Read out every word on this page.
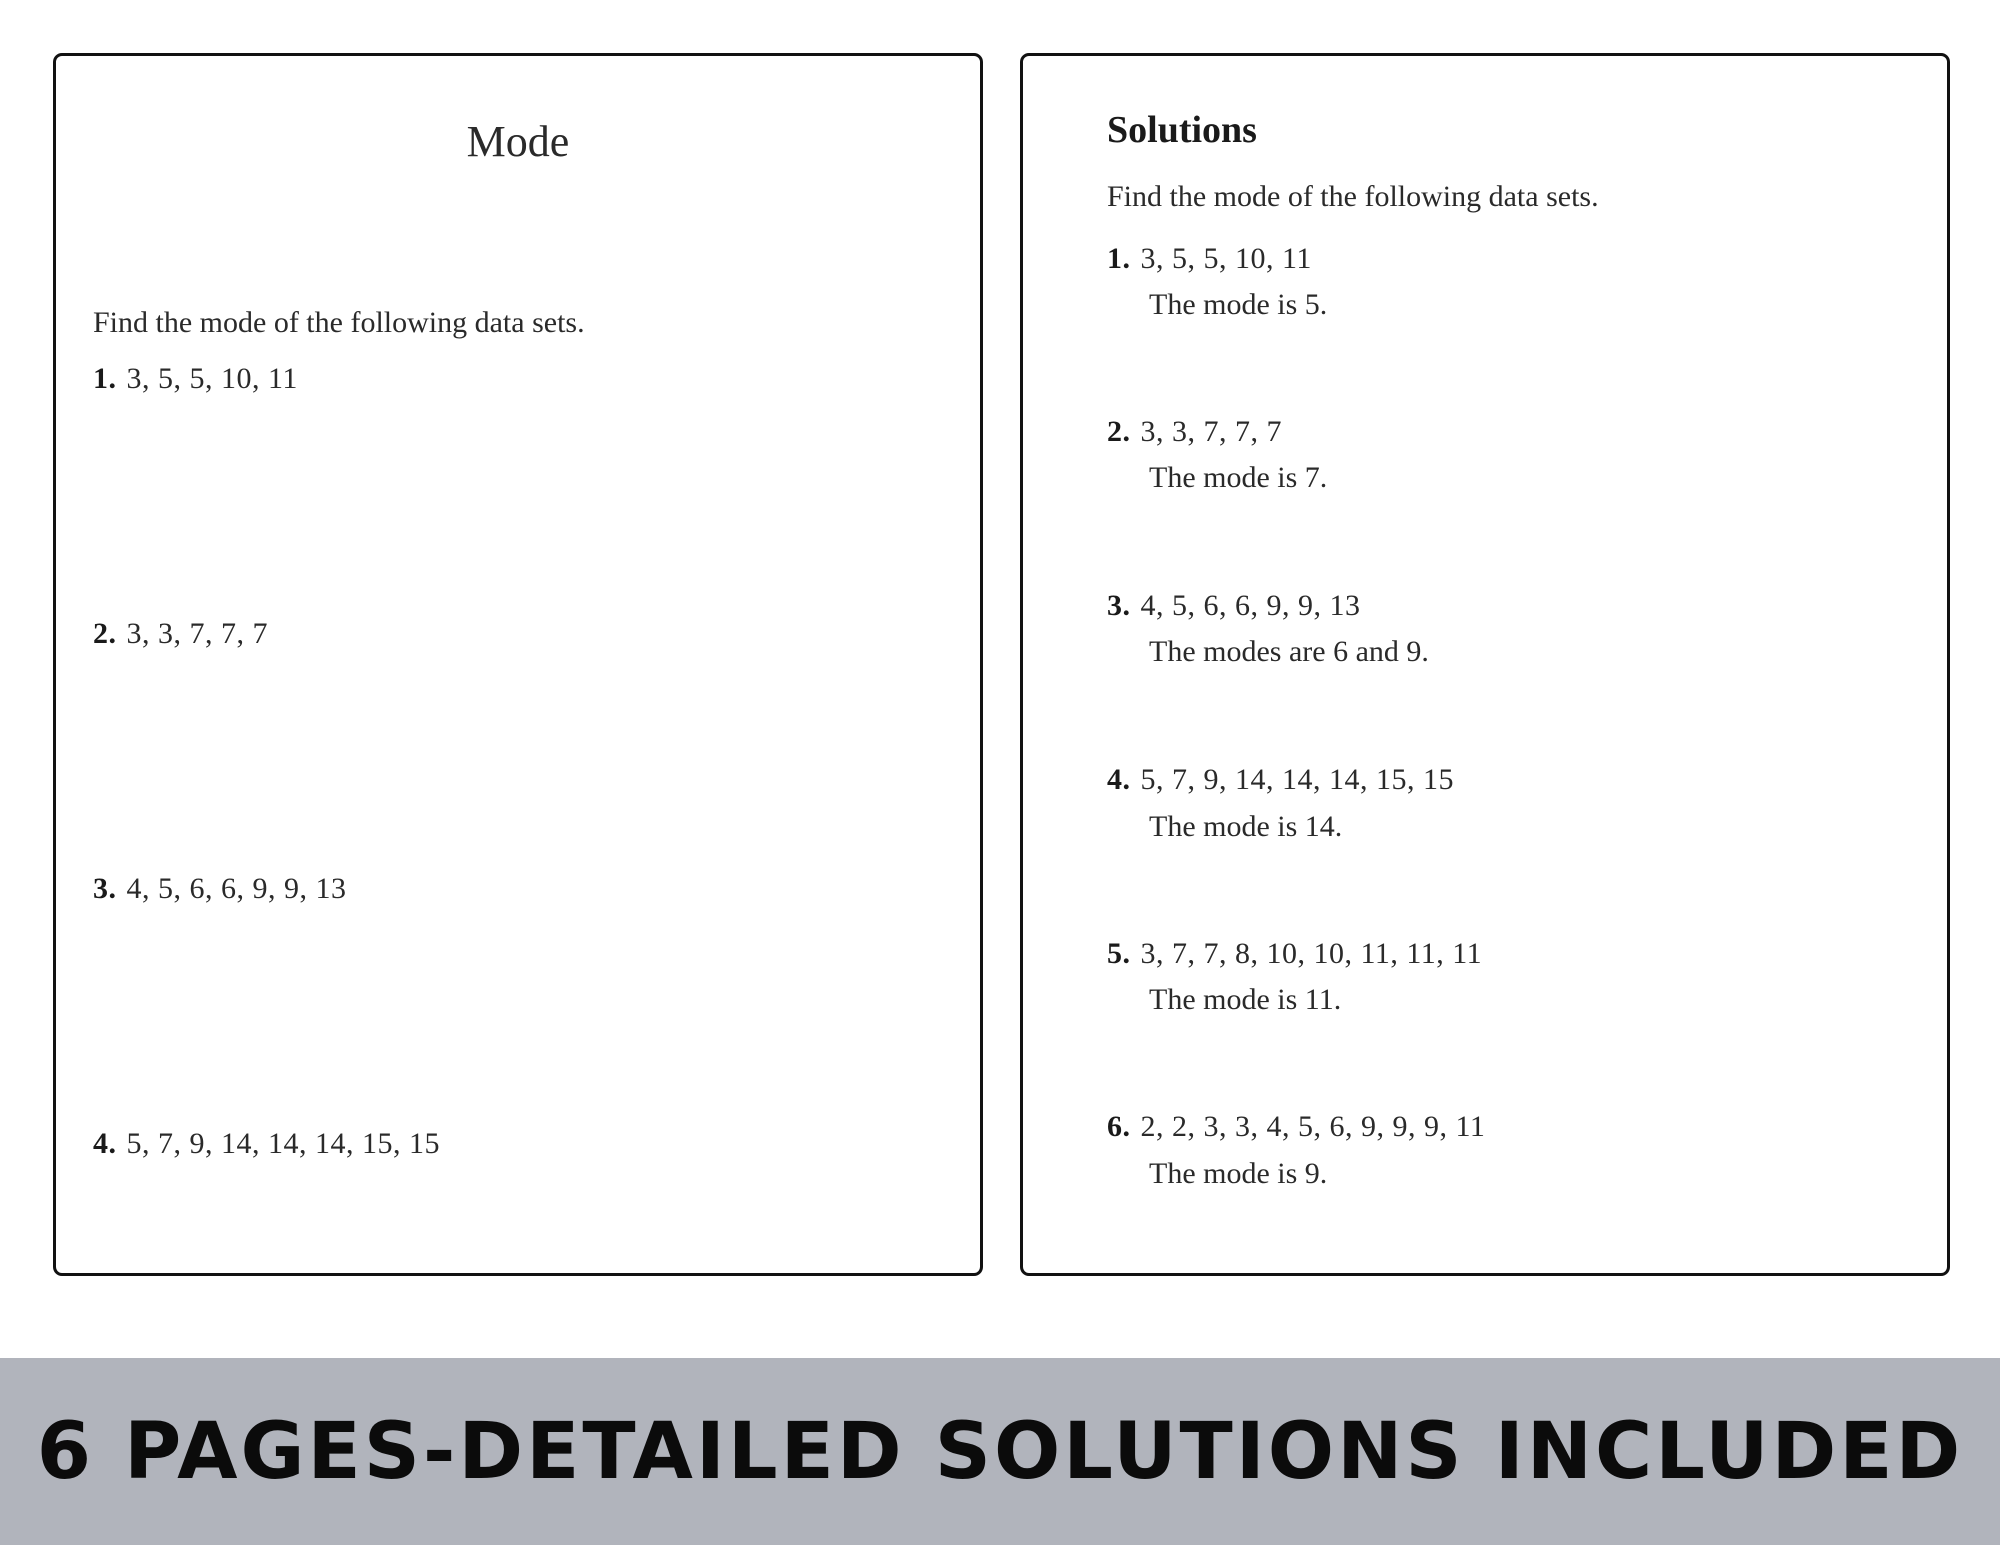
Mode
Find the mode of the following data sets.
1. 3, 5, 5, 10, 11
2. 3, 3, 7, 7, 7
3. 4, 5, 6, 6, 9, 9, 13
4. 5, 7, 9, 14, 14, 14, 15, 15
Solutions
Find the mode of the following data sets.
1. 3, 5, 5, 10, 11
The mode is 5.
2. 3, 3, 7, 7, 7
The mode is 7.
3. 4, 5, 6, 6, 9, 9, 13
The modes are 6 and 9.
4. 5, 7, 9, 14, 14, 14, 15, 15
The mode is 14.
5. 3, 7, 7, 8, 10, 10, 11, 11, 11
The mode is 11.
6. 2, 2, 3, 3, 4, 5, 6, 9, 9, 9, 11
The mode is 9.
6 PAGES-DETAILED SOLUTIONS INCLUDED
